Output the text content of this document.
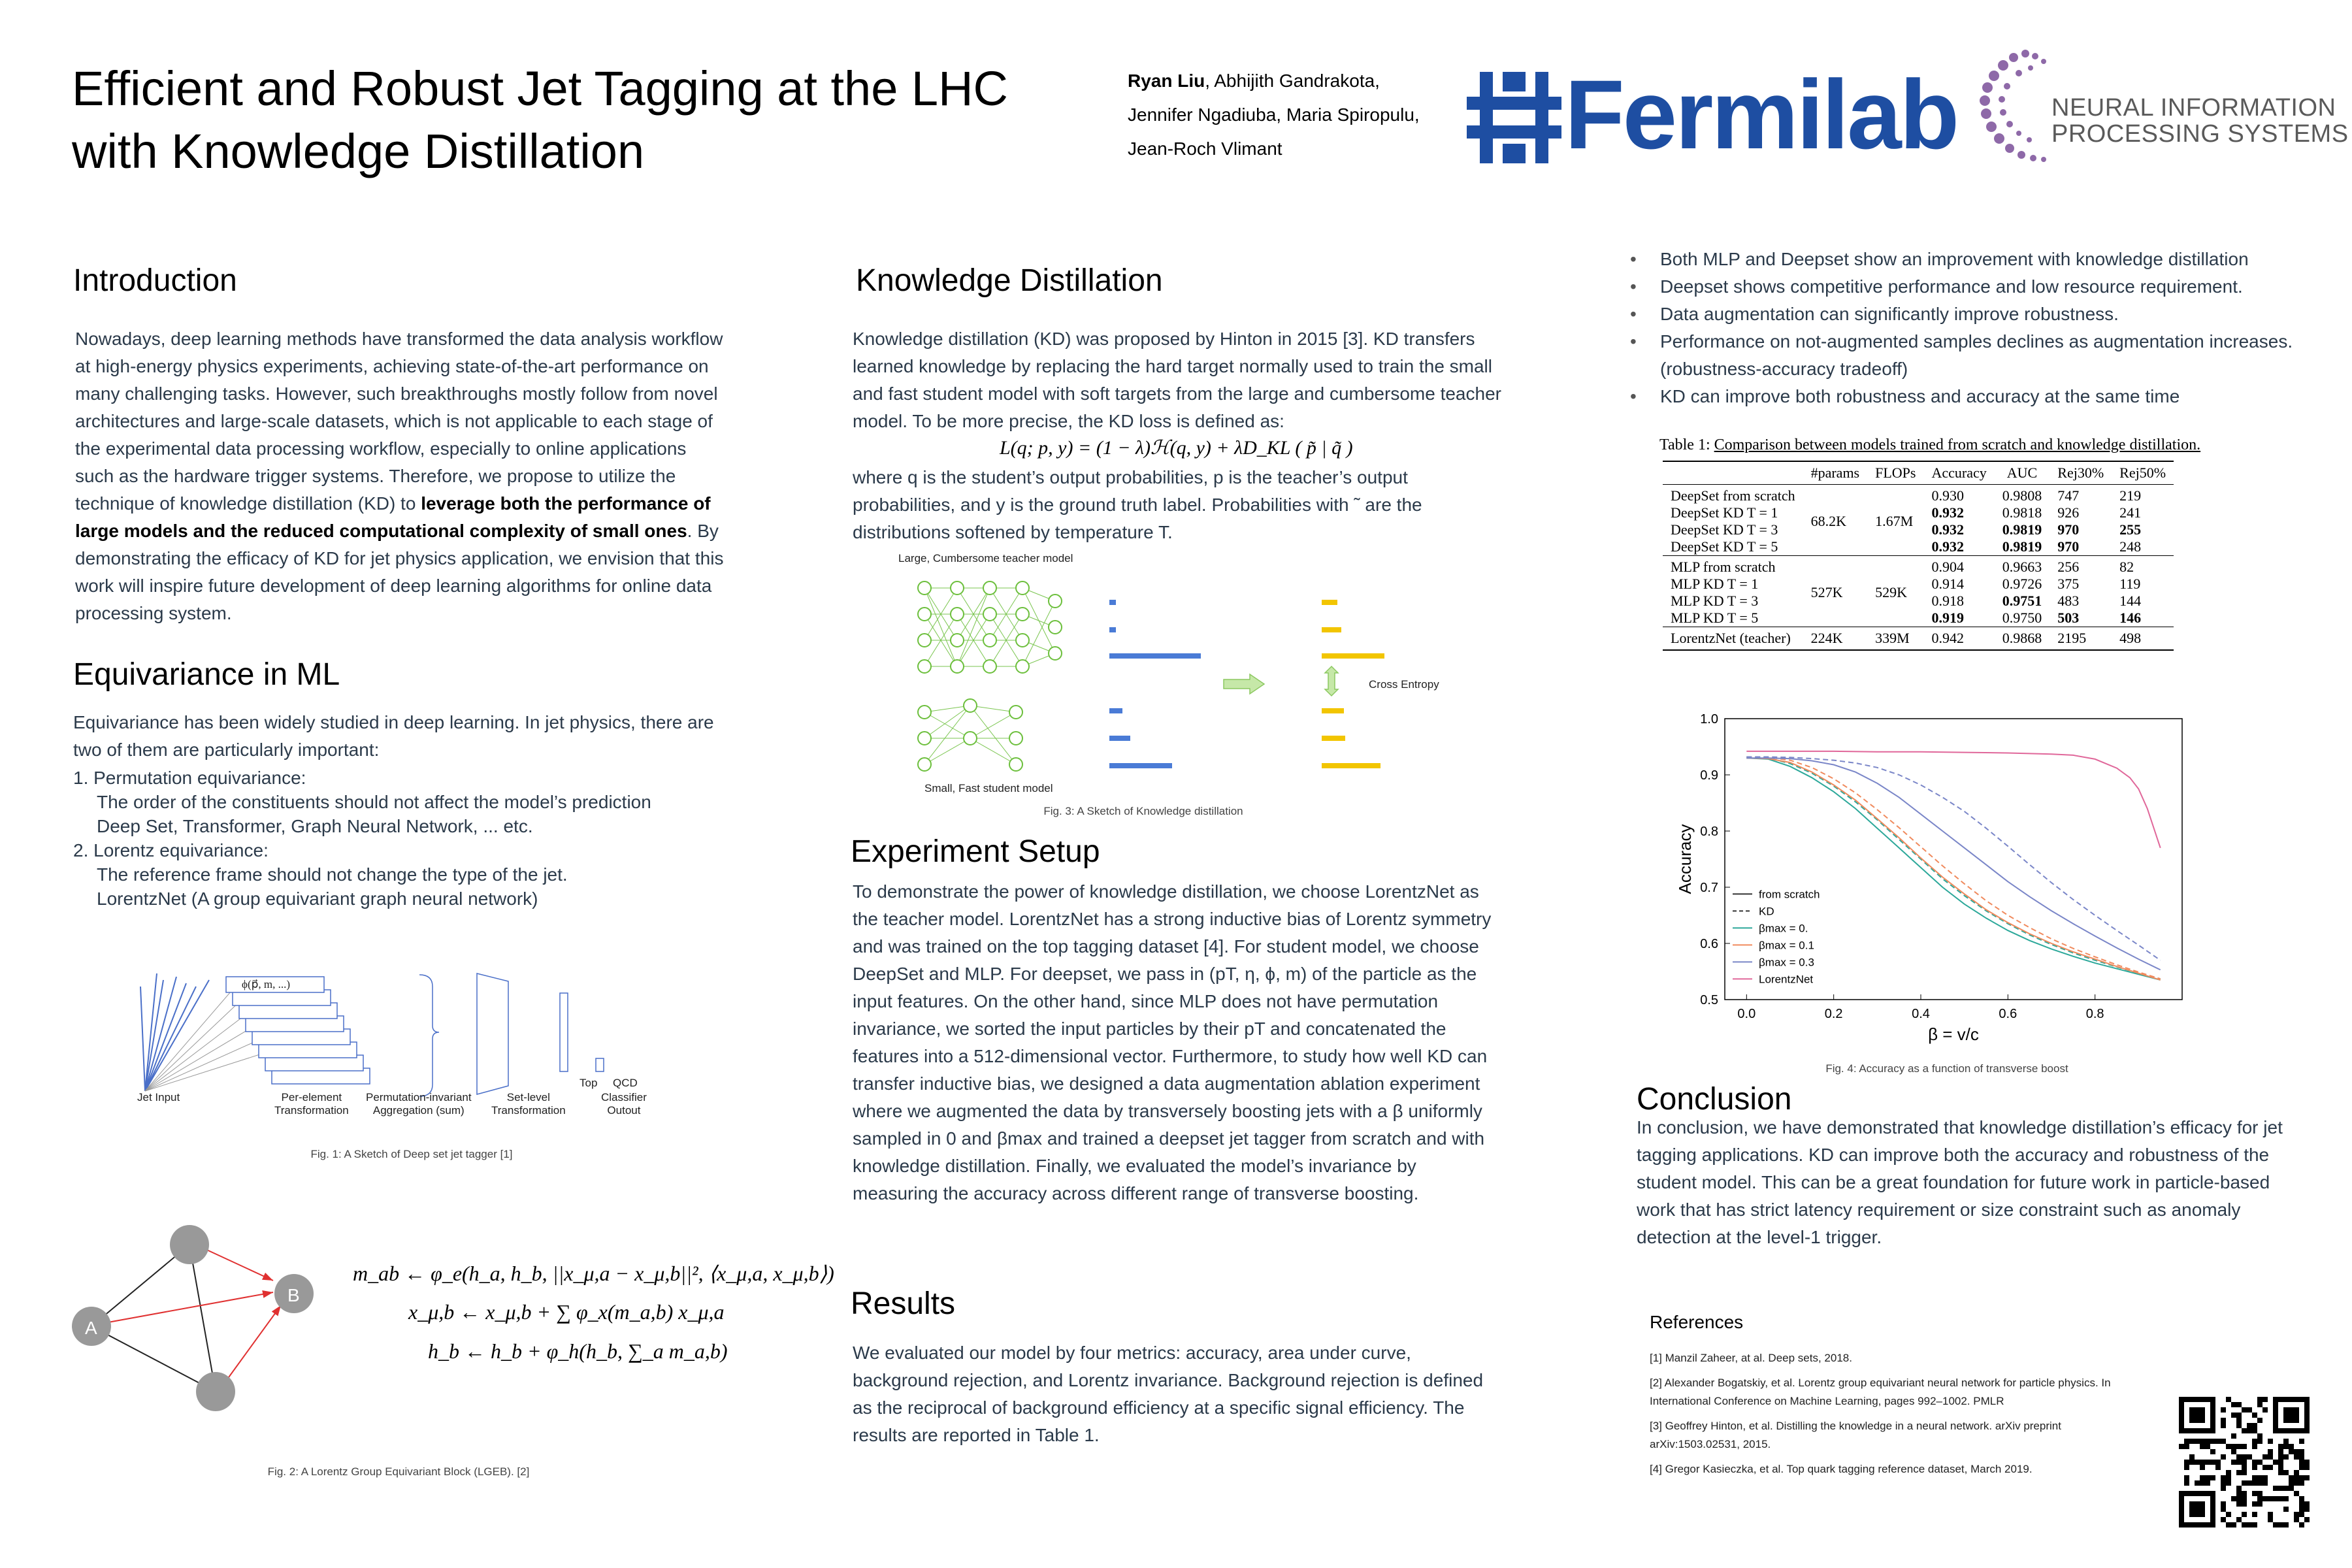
Efficient and Robust Jet Tagging at the LHC
with Knowledge Distillation
Ryan Liu, Abhijith Gandrakota,
Jennifer Ngadiuba, Maria Spiropulu,
Jean-Roch Vlimant	Fermilab	NEURAL INFORMATION
PROCESSING SYSTEMS
Introduction

Nowadays, deep learning methods have transformed the data analysis workflow at high-energy physics experiments, achieving state-of-the-art performance on many challenging tasks. However, such breakthroughs mostly follow from novel architectures and large-scale datasets, which is not applicable to each stage of the experimental data processing workflow, especially to online applications such as the hardware trigger systems. Therefore, we propose to utilize the technique of knowledge distillation (KD) to leverage both the performance of large models and the reduced computational complexity of small ones. By demonstrating the efficacy of KD for jet physics application, we envision that this work will inspire future development of deep learning algorithms for online data processing system.

Equivariance in ML

Equivariance has been widely studied in deep learning. In jet physics, there are two of them are particularly important:

1. Permutation equivariance:
The order of the constituents should not affect the model’s prediction
Deep Set, Transformer, Graph Neural Network, ... etc.
2. Lorentz equivariance:
The reference frame should not change the type of the jet.
LorentzNet (A group equivariant graph neural network)
ϕ(p⃗, m, ...)
Jet Input	Per-element
Transformation
Permutation-invariant
Aggregation (sum)
Set-level
Transformation
Top QCD
Classifier
Outout
Fig. 1: A Sketch of Deep set jet tagger [1]
A
B
m_ab ← φ_e(h_a, h_b, ||x_μ,a − x_μ,b||², ⟨x_μ,a, x_μ,b⟩)
x_μ,b ← x_μ,b + ∑ φ_x(m_a,b) x_μ,a
h_b ← h_b + φ_h(h_b, ∑_a m_a,b)
Fig. 2: A Lorentz Group Equivariant Block (LGEB). [2]
Knowledge Distillation

Knowledge distillation (KD) was proposed by Hinton in 2015 [3]. KD transfers learned knowledge by replacing the hard target normally used to train the small and fast student model with soft targets from the large and cumbersome teacher model. To be more precise, the KD loss is defined as:

L(q; p, y) = (1 − λ)ℋ(q, y) + λD_KL ( p̃ | q̃ )

where q is the student’s output probabilities, p is the teacher’s output probabilities, and y is the ground truth label. Probabilities with ˜ are the distributions softened by temperature T.

Large, Cumbersome teacher model
Cross Entropy
Small, Fast student model
Fig. 3: A Sketch of Knowledge distillation
Experiment Setup

To demonstrate the power of knowledge distillation, we choose LorentzNet as the teacher model. LorentzNet has a strong inductive bias of Lorentz symmetry and was trained on the top tagging dataset [4]. For student model, we choose DeepSet and MLP. For deepset, we pass in (pT, η, ϕ, m) of the particle as the input features. On the other hand, since MLP does not have permutation invariance, we sorted the input particles by their pT and concatenated the features into a 512-dimensional vector. Furthermore, to study how well KD can transfer inductive bias, we designed a data augmentation ablation experiment where we augmented the data by transversely boosting jets with a β uniformly sampled in 0 and βmax and trained a deepset jet tagger from scratch and with knowledge distillation. Finally, we evaluated the model’s invariance by measuring the accuracy across different range of transverse boosting.

Results

We evaluated our model by four metrics: accuracy, area under curve, background rejection, and Lorentz invariance. Background rejection is defined as the reciprocal of background efficiency at a specific signal efficiency. The results are reported in Table 1.

• Both MLP and Deepset show an improvement with knowledge distillation
• Deepset shows competitive performance and low resource requirement.
• Data augmentation can significantly improve robustness.
• Performance on not-augmented samples declines as augmentation increases. (robustness-accuracy tradeoff)
• KD can improve both robustness and accuracy at the same time
Table 1: Comparison between models trained from scratch and knowledge distillation.
	#params	FLOPs	Accuracy	AUC	Rej30%	Rej50%
DeepSet from scratch	68.2K	1.67M	0.930	0.9808	747	219
DeepSet KD T = 1			0.932	0.9818	926	241
DeepSet KD T = 3			0.932	0.9819	970	255
DeepSet KD T = 5			0.932	0.9819	970	248
MLP from scratch	527K	529K	0.904	0.9663	256	82
MLP KD T = 1			0.914	0.9726	375	119
MLP KD T = 3			0.918	0.9751	483	144
MLP KD T = 5			0.919	0.9750	503	146
LorentzNet (teacher)	224K	339M	0.942	0.9868	2195	498
0.5
0.6
0.7
0.8
0.9
1.0
0.0	0.2	0.4	0.6	0.8
β = v/c
Accuracy
from scratch
KD
βmax = 0.
βmax = 0.1
βmax = 0.3
LorentzNet
Fig. 4: Accuracy as a function of transverse boost
Conclusion

In conclusion, we have demonstrated that knowledge distillation’s efficacy for jet tagging applications. KD can improve both the accuracy and robustness of the student model. This can be a great foundation for future work in particle-based work that has strict latency requirement or size constraint such as anomaly detection at the level-1 trigger.

References
[1] Manzil Zaheer, at al. Deep sets, 2018.
[2] Alexander Bogatskiy, et al. Lorentz group equivariant neural network for particle physics. In International Conference on Machine Learning, pages 992–1002. PMLR
[3] Geoffrey Hinton, et al. Distilling the knowledge in a neural network. arXiv preprint arXiv:1503.02531, 2015.
[4] Gregor Kasieczka, et al. Top quark tagging reference dataset, March 2019.
